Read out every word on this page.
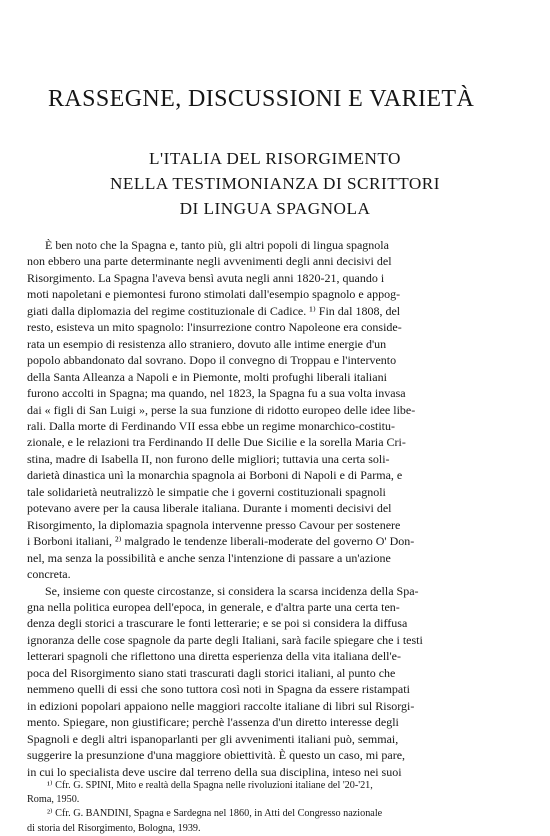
RASSEGNE, DISCUSSIONI E VARIETÀ
L'ITALIA DEL RISORGIMENTO
NELLA TESTIMONIANZA DI SCRITTORI
DI LINGUA SPAGNOLA
È ben noto che la Spagna e, tanto più, gli altri popoli di lingua spagnola
non ebbero una parte determinante negli avvenimenti degli anni decisivi del
Risorgimento. La Spagna l'aveva bensì avuta negli anni 1820-21, quando i
moti napoletani e piemontesi furono stimolati dall'esempio spagnolo e appog-
giati dalla diplomazia del regime costituzionale di Cadice. ¹⁾ Fin dal 1808, del
resto, esisteva un mito spagnolo: l'insurrezione contro Napoleone era conside-
rata un esempio di resistenza allo straniero, dovuto alle intime energie d'un
popolo abbandonato dal sovrano. Dopo il convegno di Troppau e l'intervento
della Santa Alleanza a Napoli e in Piemonte, molti profughi liberali italiani
furono accolti in Spagna; ma quando, nel 1823, la Spagna fu a sua volta invasa
dai « figli di San Luigi », perse la sua funzione di ridotto europeo delle idee libe-
rali. Dalla morte di Ferdinando VII essa ebbe un regime monarchico-costitu-
zionale, e le relazioni tra Ferdinando II delle Due Sicilie e la sorella Maria Cri-
stina, madre di Isabella II, non furono delle migliori; tuttavia una certa soli-
darietà dinastica unì la monarchia spagnola ai Borboni di Napoli e di Parma, e
tale solidarietà neutralizzò le simpatie che i governi costituzionali spagnoli
potevano avere per la causa liberale italiana. Durante i momenti decisivi del
Risorgimento, la diplomazia spagnola intervenne presso Cavour per sostenere
i Borboni italiani, ²⁾ malgrado le tendenze liberali-moderate del governo O' Don-
nel, ma senza la possibilità e anche senza l'intenzione di passare a un'azione
concreta.
Se, insieme con queste circostanze, si considera la scarsa incidenza della Spa-
gna nella politica europea dell'epoca, in generale, e d'altra parte una certa ten-
denza degli storici a trascurare le fonti letterarie; e se poi si considera la diffusa
ignoranza delle cose spagnole da parte degli Italiani, sarà facile spiegare che i testi
letterari spagnoli che riflettono una diretta esperienza della vita italiana dell'e-
poca del Risorgimento siano stati trascurati dagli storici italiani, al punto che
nemmeno quelli di essi che sono tuttora così noti in Spagna da essere ristampati
in edizioni popolari appaiono nelle maggiori raccolte italiane di libri sul Risorgi-
mento. Spiegare, non giustificare; perchè l'assenza d'un diretto interesse degli
Spagnoli e degli altri ispanoparlanti per gli avvenimenti italiani può, semmai,
suggerire la presunzione d'una maggiore obiettività. È questo un caso, mi pare,
in cui lo specialista deve uscire dal terreno della sua disciplina, inteso nei suoi
¹⁾ Cfr. G. SPINI, Mito e realtà della Spagna nelle rivoluzioni italiane del '20-'21,
Roma, 1950.
²⁾ Cfr. G. BANDINI, Spagna e Sardegna nel 1860, in Atti del Congresso nazionale
di storia del Risorgimento, Bologna, 1939.
